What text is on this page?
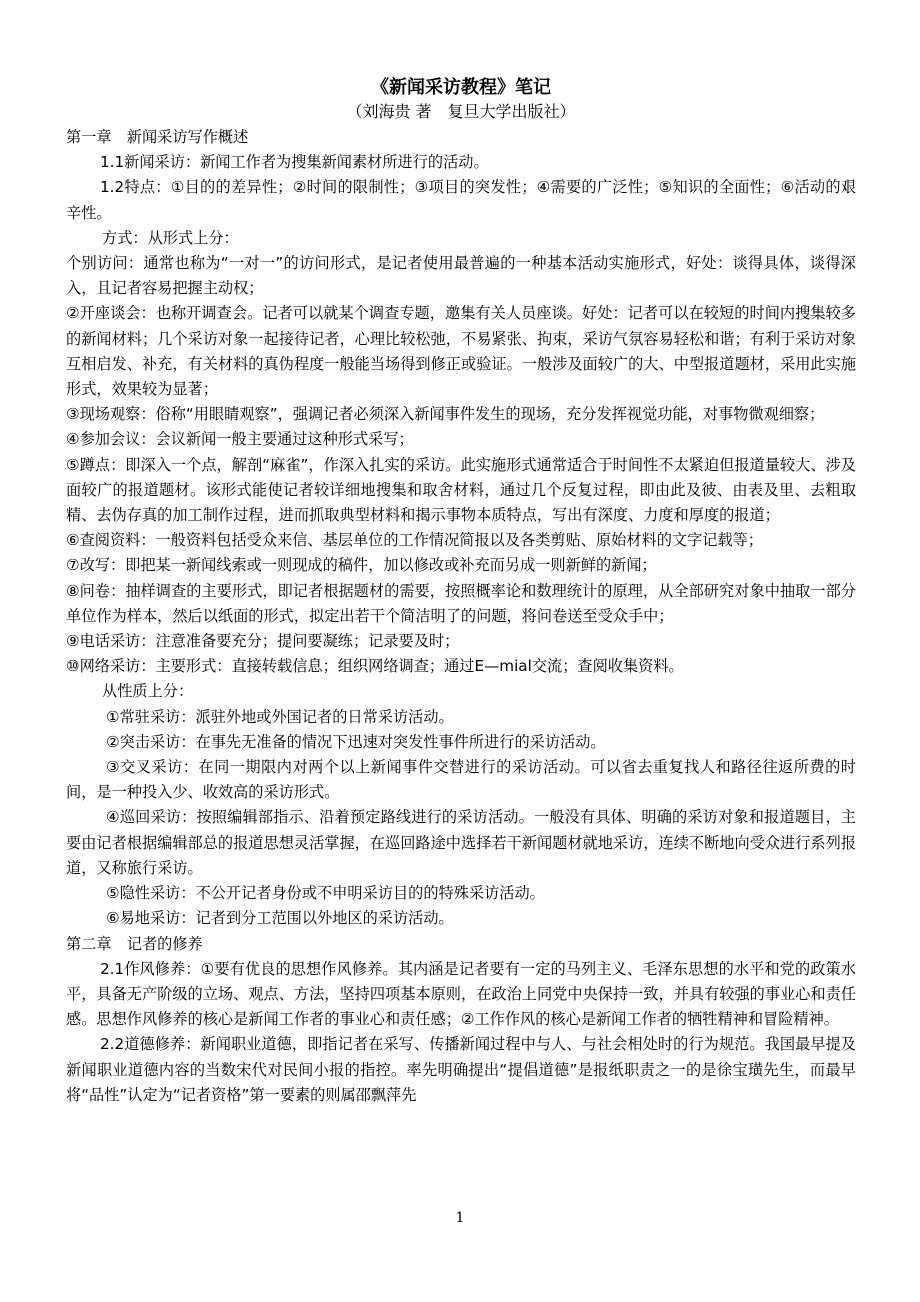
《新闻采访教程》笔记

（刘海贵 著　复旦大学出版社）

第一章　新闻采访写作概述

1.1新闻采访：新闻工作者为搜集新闻素材所进行的活动。

1.2特点：①目的的差异性；②时间的限制性；③项目的突发性；④需要的广泛性；⑤知识的全面性；⑥活动的艰辛性。

方式：从形式上分：

个别访问：通常也称为“一对一”的访问形式，是记者使用最普遍的一种基本活动实施形式，好处：谈得具体，谈得深入，且记者容易把握主动权；

②开座谈会：也称开调查会。记者可以就某个调查专题，邀集有关人员座谈。好处：记者可以在较短的时间内搜集较多的新闻材料；几个采访对象一起接待记者，心理比较松弛，不易紧张、拘束，采访气氛容易轻松和谐；有利于采访对象互相启发、补充，有关材料的真伪程度一般能当场得到修正或验证。一般涉及面较广的大、中型报道题材，采用此实施形式，效果较为显著；

③现场观察：俗称“用眼睛观察”，强调记者必须深入新闻事件发生的现场，充分发挥视觉功能，对事物微观细察；

④参加会议：会议新闻一般主要通过这种形式采写；

⑤蹲点：即深入一个点，解剖“麻雀”，作深入扎实的采访。此实施形式通常适合于时间性不太紧迫但报道量较大、涉及面较广的报道题材。该形式能使记者较详细地搜集和取舍材料，通过几个反复过程，即由此及彼、由表及里、去粗取精、去伪存真的加工制作过程，进而抓取典型材料和揭示事物本质特点，写出有深度、力度和厚度的报道；

⑥查阅资料：一般资料包括受众来信、基层单位的工作情况简报以及各类剪贴、原始材料的文字记载等；

⑦改写：即把某一新闻线索或一则现成的稿件，加以修改或补充而另成一则新鲜的新闻；

⑧问卷：抽样调查的主要形式，即记者根据题材的需要，按照概率论和数理统计的原理，从全部研究对象中抽取一部分单位作为样本，然后以纸面的形式，拟定出若干个简洁明了的问题，将问卷送至受众手中；

⑨电话采访：注意准备要充分；提问要凝练；记录要及时；

⑩网络采访：主要形式：直接转载信息；组织网络调查；通过E—mial交流；查阅收集资料。

从性质上分：

①常驻采访：派驻外地或外国记者的日常采访活动。

②突击采访：在事先无准备的情况下迅速对突发性事件所进行的采访活动。

③交叉采访：在同一期限内对两个以上新闻事件交替进行的采访活动。可以省去重复找人和路径往返所费的时间，是一种投入少、收效高的采访形式。

④巡回采访：按照编辑部指示、沿着预定路线进行的采访活动。一般没有具体、明确的采访对象和报道题目，主要由记者根据编辑部总的报道思想灵活掌握，在巡回路途中选择若干新闻题材就地采访，连续不断地向受众进行系列报道，又称旅行采访。

⑤隐性采访：不公开记者身份或不申明采访目的的特殊采访活动。

⑥易地采访：记者到分工范围以外地区的采访活动。

第二章　记者的修养

2.1作风修养：①要有优良的思想作风修养。其内涵是记者要有一定的马列主义、毛泽东思想的水平和党的政策水平，具备无产阶级的立场、观点、方法，坚持四项基本原则，在政治上同党中央保持一致，并具有较强的事业心和责任感。思想作风修养的核心是新闻工作者的事业心和责任感；②工作作风的核心是新闻工作者的牺牲精神和冒险精神。

2.2道德修养：新闻职业道德，即指记者在采写、传播新闻过程中与人、与社会相处时的行为规范。我国最早提及新闻职业道德内容的当数宋代对民间小报的指控。率先明确提出“提倡道德”是报纸职责之一的是徐宝璜先生，而最早将“品性”认定为“记者资格”第一要素的则属邵飘萍先

1
